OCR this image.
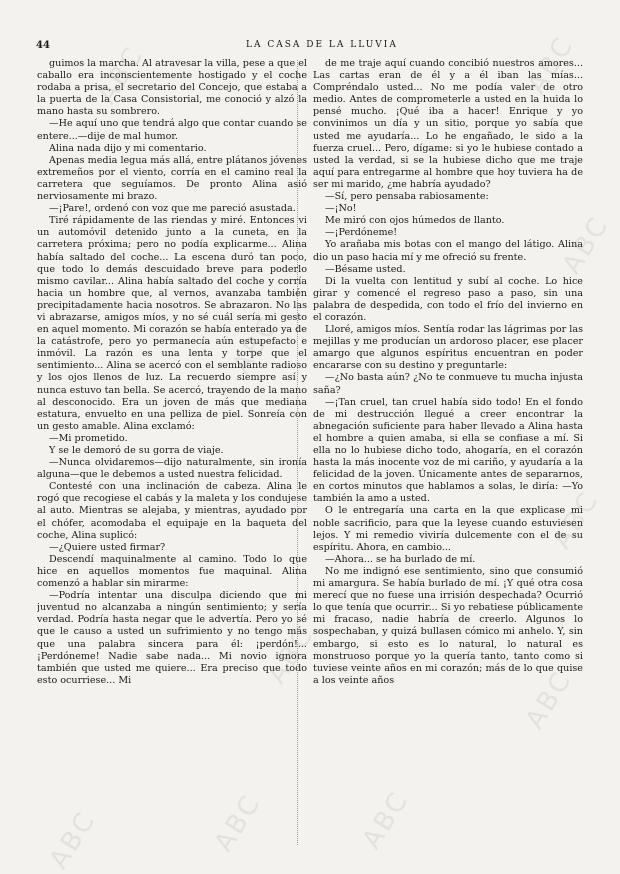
44	LA CASA DE LA LLUVIA

guimos la marcha. Al atravesar la villa, pese a que el caballo era inconscientemente hostigado y el coche rodaba a prisa, el secretario del Concejo, que estaba a la puerta de la Casa Consistorial, me conoció y alzó la mano hasta su sombrero.

—He aquí uno que tendrá algo que contar cuando se entere...—dije de mal humor.

Alina nada dijo y mi comentario.

Apenas media legua más allá, entre plátanos jóvenes extremeños por el viento, corría en el camino real la carretera que seguíamos. De pronto Alina asió nerviosamente mi brazo.

—¡Pare!, ordenó con voz que me pareció asustada.

Tiré rápidamente de las riendas y miré. Entonces vi un automóvil detenido junto a la cuneta, en la carretera próxima; pero no podía explicarme... Alina había saltado del coche... La escena duró tan poco, que todo lo demás descuidado breve para poderlo mismo cavilar... Alina había saltado del coche y corría hacia un hombre que, al vernos, avanzaba también precipitadamente hacia nosotros. Se abrazaron. No las vi abrazarse, amigos míos, y no sé cuál sería mi gesto en aquel momento. Mi corazón se había enterado ya de la catástrofe, pero yo permanecía aún estupefacto e inmóvil. La razón es una lenta y torpe que el sentimiento... Alina se acercó con el semblante radioso y los ojos llenos de luz. La recuerdo siempre así y nunca estuvo tan bella. Se acercó, trayendo de la mano al desconocido. Era un joven de más que mediana estatura, envuelto en una pelliza de piel. Sonreía con un gesto amable. Alina exclamó:

—Mi prometido.

Y se le demoró de su gorra de viaje.

—Nunca olvidaremos—dijo naturalmente, sin ironía alguna—que le debemos a usted nuestra felicidad.

Contesté con una inclinación de cabeza. Alina le rogó que recogiese el cabás y la maleta y los condujese al auto. Mientras se alejaba, y mientras, ayudado por el chófer, acomodaba el equipaje en la baqueta del coche, Alina suplicó:

—¿Quiere usted firmar?

Descendí maquinalmente al camino. Todo lo que hice en aquellos momentos fue maquinal. Alina comenzó a hablar sin mirarme:

—Podría intentar una disculpa diciendo que mi juventud no alcanzaba a ningún sentimiento; y sería verdad. Podría hasta negar que le advertía. Pero yo sé que le causo a usted un sufrimiento y no tengo más que una palabra sincera para él: ¡perdón!... ¡Perdóneme! Nadie sabe nada... Mi novio ignora también que usted me quiere... Era preciso que todo esto ocurriese... Mi

de me traje aquí cuando concibió nuestros amores... Las cartas eran de él y a él iban las mías... Compréndalo usted... No me podía valer de otro medio. Antes de comprometerle a usted en la huida lo pensé mucho. ¡Qué iba a hacer! Enrique y yo convinimos un día y un sitio, porque yo sabía que usted me ayudaría... Lo he engañado, le sido a la fuerza cruel... Pero, dígame: si yo le hubiese contado a usted la verdad, si se la hubiese dicho que me traje aquí para entregarme al hombre que hoy tuviera ha de ser mi marido, ¿me habría ayudado?

—Sí, pero pensaba rabiosamente:

—¡No!

Me miró con ojos húmedos de llanto.

—¡Perdóneme!

Yo arañaba mis botas con el mango del látigo. Alina dio un paso hacia mí y me ofreció su frente.

—Bésame usted.

Di la vuelta con lentitud y subí al coche. Lo hice girar y comencé el regreso paso a paso, sin una palabra de despedida, con todo el frío del invierno en el corazón.

Lloré, amigos míos. Sentía rodar las lágrimas por las mejillas y me producían un ardoroso placer, ese placer amargo que algunos espíritus encuentran en poder encararse con su destino y preguntarle:

—¿No basta aún? ¿No te conmueve tu mucha injusta saña?

—¡Tan cruel, tan cruel había sido todo! En el fondo de mi destrucción llegué a creer encontrar la abnegación suficiente para haber llevado a Alina hasta el hombre a quien amaba, si ella se confiase a mí. Si ella no lo hubiese dicho todo, ahogaría, en el corazón hasta la más inocente voz de mi cariño, y ayudaría a la felicidad de la joven. Únicamente antes de separarnos, en cortos minutos que hablamos a solas, le diría: —Yo también la amo a usted.

O le entregaría una carta en la que explicase mi noble sacrificio, para que la leyese cuando estuviesen lejos. Y mi remedio viviría dulcemente con el de su espíritu. Ahora, en cambio...

—Ahora... se ha burlado de mí.

No me indignó ese sentimiento, sino que consumió mi amargura. Se había burlado de mí. ¡Y qué otra cosa merecí que no fuese una irrisión despechada? Ocurrió lo que tenía que ocurrir... Si yo rebatiese públicamente mi fracaso, nadie habría de creerlo. Algunos lo sospechaban, y quizá bullasen cómico mi anhelo. Y, sin embargo, si esto es lo natural, lo natural es monstruoso porque yo la quería tanto, tanto como si tuviese veinte años en mi corazón; más de lo que quise a los veinte años

ABC
ABC
ABC
ABC
ABC
ABC
ABC
ABC
ABC
ABC
